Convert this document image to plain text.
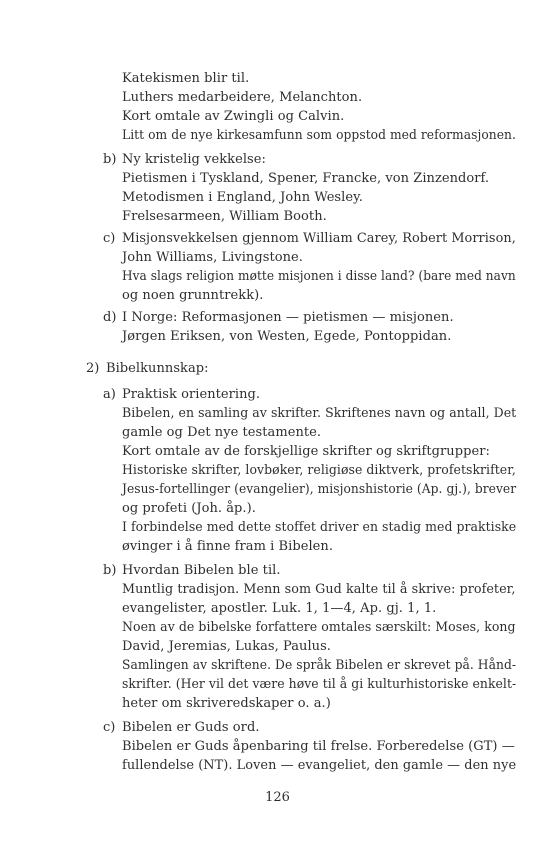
Katekismen blir til.
Luthers medarbeidere, Melanchton.
Kort omtale av Zwingli og Calvin.
Litt om de nye kirkesamfunn som oppstod med reformasjonen.
b) Ny kristelig vekkelse:
Pietismen i Tyskland, Spener, Francke, von Zinzendorf.
Metodismen i England, John Wesley.
Frelsesarmeen, William Booth.
c) Misjonsvekkelsen gjennom William Carey, Robert Morrison,
John Williams, Livingstone.
Hva slags religion møtte misjonen i disse land? (bare med navn
og noen grunntrekk).
d) I Norge: Reformasjonen — pietismen — misjonen.
Jørgen Eriksen, von Westen, Egede, Pontoppidan.
2) Bibelkunnskap:
a) Praktisk orientering.
Bibelen, en samling av skrifter. Skriftenes navn og antall, Det
gamle og Det nye testamente.
Kort omtale av de forskjellige skrifter og skriftgrupper:
Historiske skrifter, lovbøker, religiøse diktverk, profetskrifter,
Jesus-fortellinger (evangelier), misjonshistorie (Ap. gj.), brever
og profeti (Joh. åp.).
I forbindelse med dette stoffet driver en stadig med praktiske
øvinger i å finne fram i Bibelen.
b) Hvordan Bibelen ble til.
Muntlig tradisjon. Menn som Gud kalte til å skrive: profeter,
evangelister, apostler. Luk. 1, 1—4, Ap. gj. 1, 1.
Noen av de bibelske forfattere omtales særskilt: Moses, kong
David, Jeremias, Lukas, Paulus.
Samlingen av skriftene. De språk Bibelen er skrevet på. Hånd-
skrifter. (Her vil det være høve til å gi kulturhistoriske enkelt-
heter om skriveredskaper o. a.)
c) Bibelen er Guds ord.
Bibelen er Guds åpenbaring til frelse. Forberedelse (GT) —
fullendelse (NT). Loven — evangeliet, den gamle — den nye
126
